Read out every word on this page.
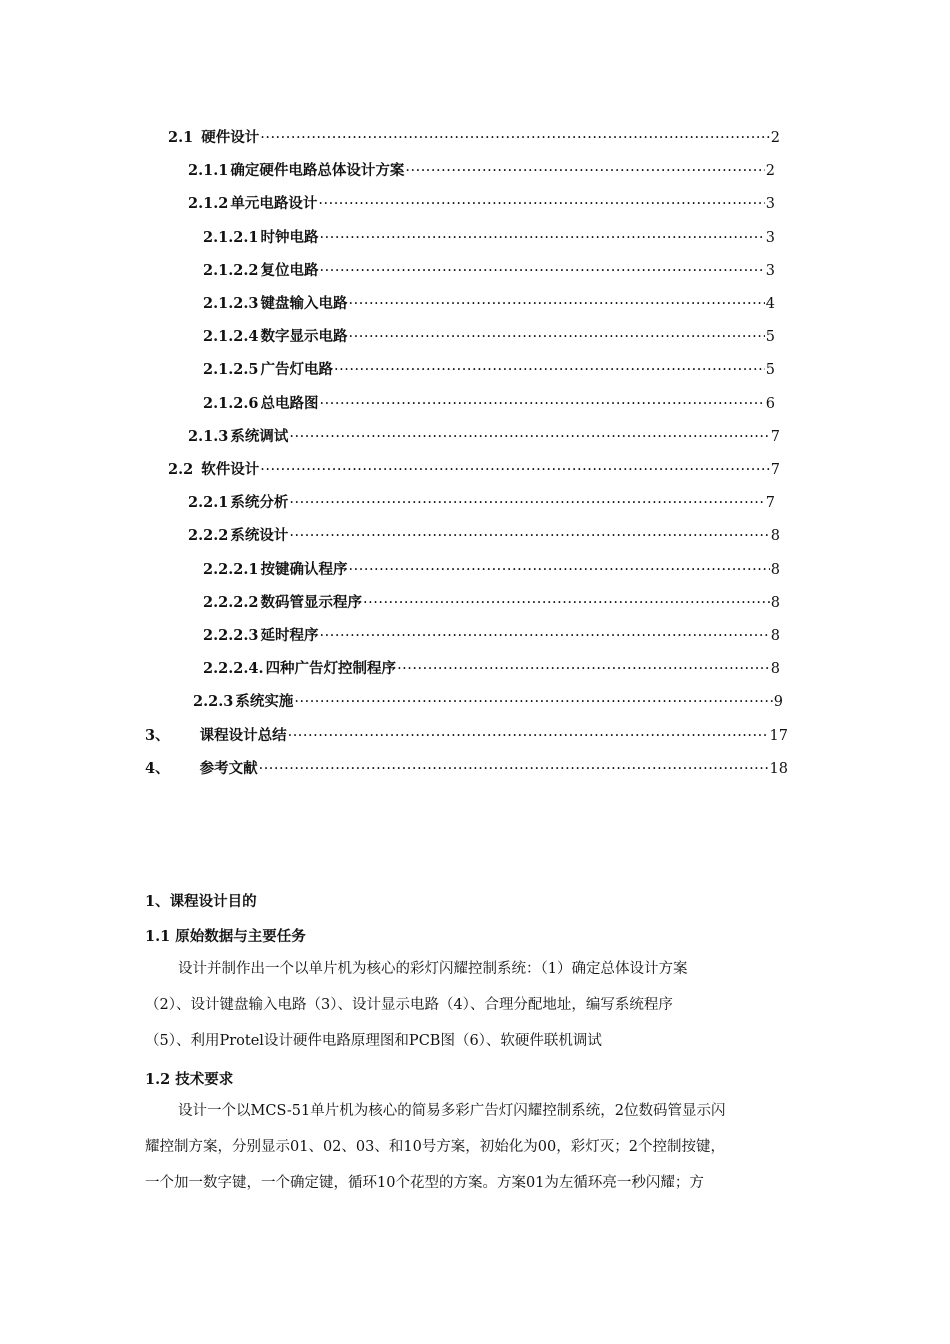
2.1 硬件设计 ·····	2
2.1.1 确定硬件电路总体设计方案 ·····	2
2.1.2 单元电路设计 ·····	3
2.1.2.1 时钟电路 ·····	3
2.1.2.2 复位电路 ·····	3
2.1.2.3 键盘输入电路 ·····	4
2.1.2.4 数字显示电路 ·····	5
2.1.2.5 广告灯电路 ·····	5
2.1.2.6 总电路图 ·····	6
2.1.3 系统调试 ·····	7
2.2 软件设计 ·····	7
2.2.1 系统分析 ·····	7
2.2.2 系统设计 ·····	8
2.2.2.1 按键确认程序 ·····	8
2.2.2.2 数码管显示程序 ·····	8
2.2.2.3 延时程序 ·····	8
2.2.2.4. 四种广告灯控制程序 ·····	8
2.2.3 系统实施 ·····	9
3、 课程设计总结 ·····	17
4、 参考文献 ·····	18
1、课程设计目的
1.1 原始数据与主要任务
设计并制作出一个以单片机为核心的彩灯闪耀控制系统：（1）确定总体设计方案
（2）、设计键盘输入电路（3）、设计显示电路（4）、合理分配地址，编写系统程序
（5）、利用Protel设计硬件电路原理图和PCB图（6）、软硬件联机调试
1.2 技术要求
设计一个以MCS-51单片机为核心的简易多彩广告灯闪耀控制系统，2位数码管显示闪
耀控制方案，分别显示01、02、03、和10号方案，初始化为00，彩灯灭；2个控制按键，
一个加一数字键，一个确定键，循环10个花型的方案。方案01为左循环亮一秒闪耀；方
